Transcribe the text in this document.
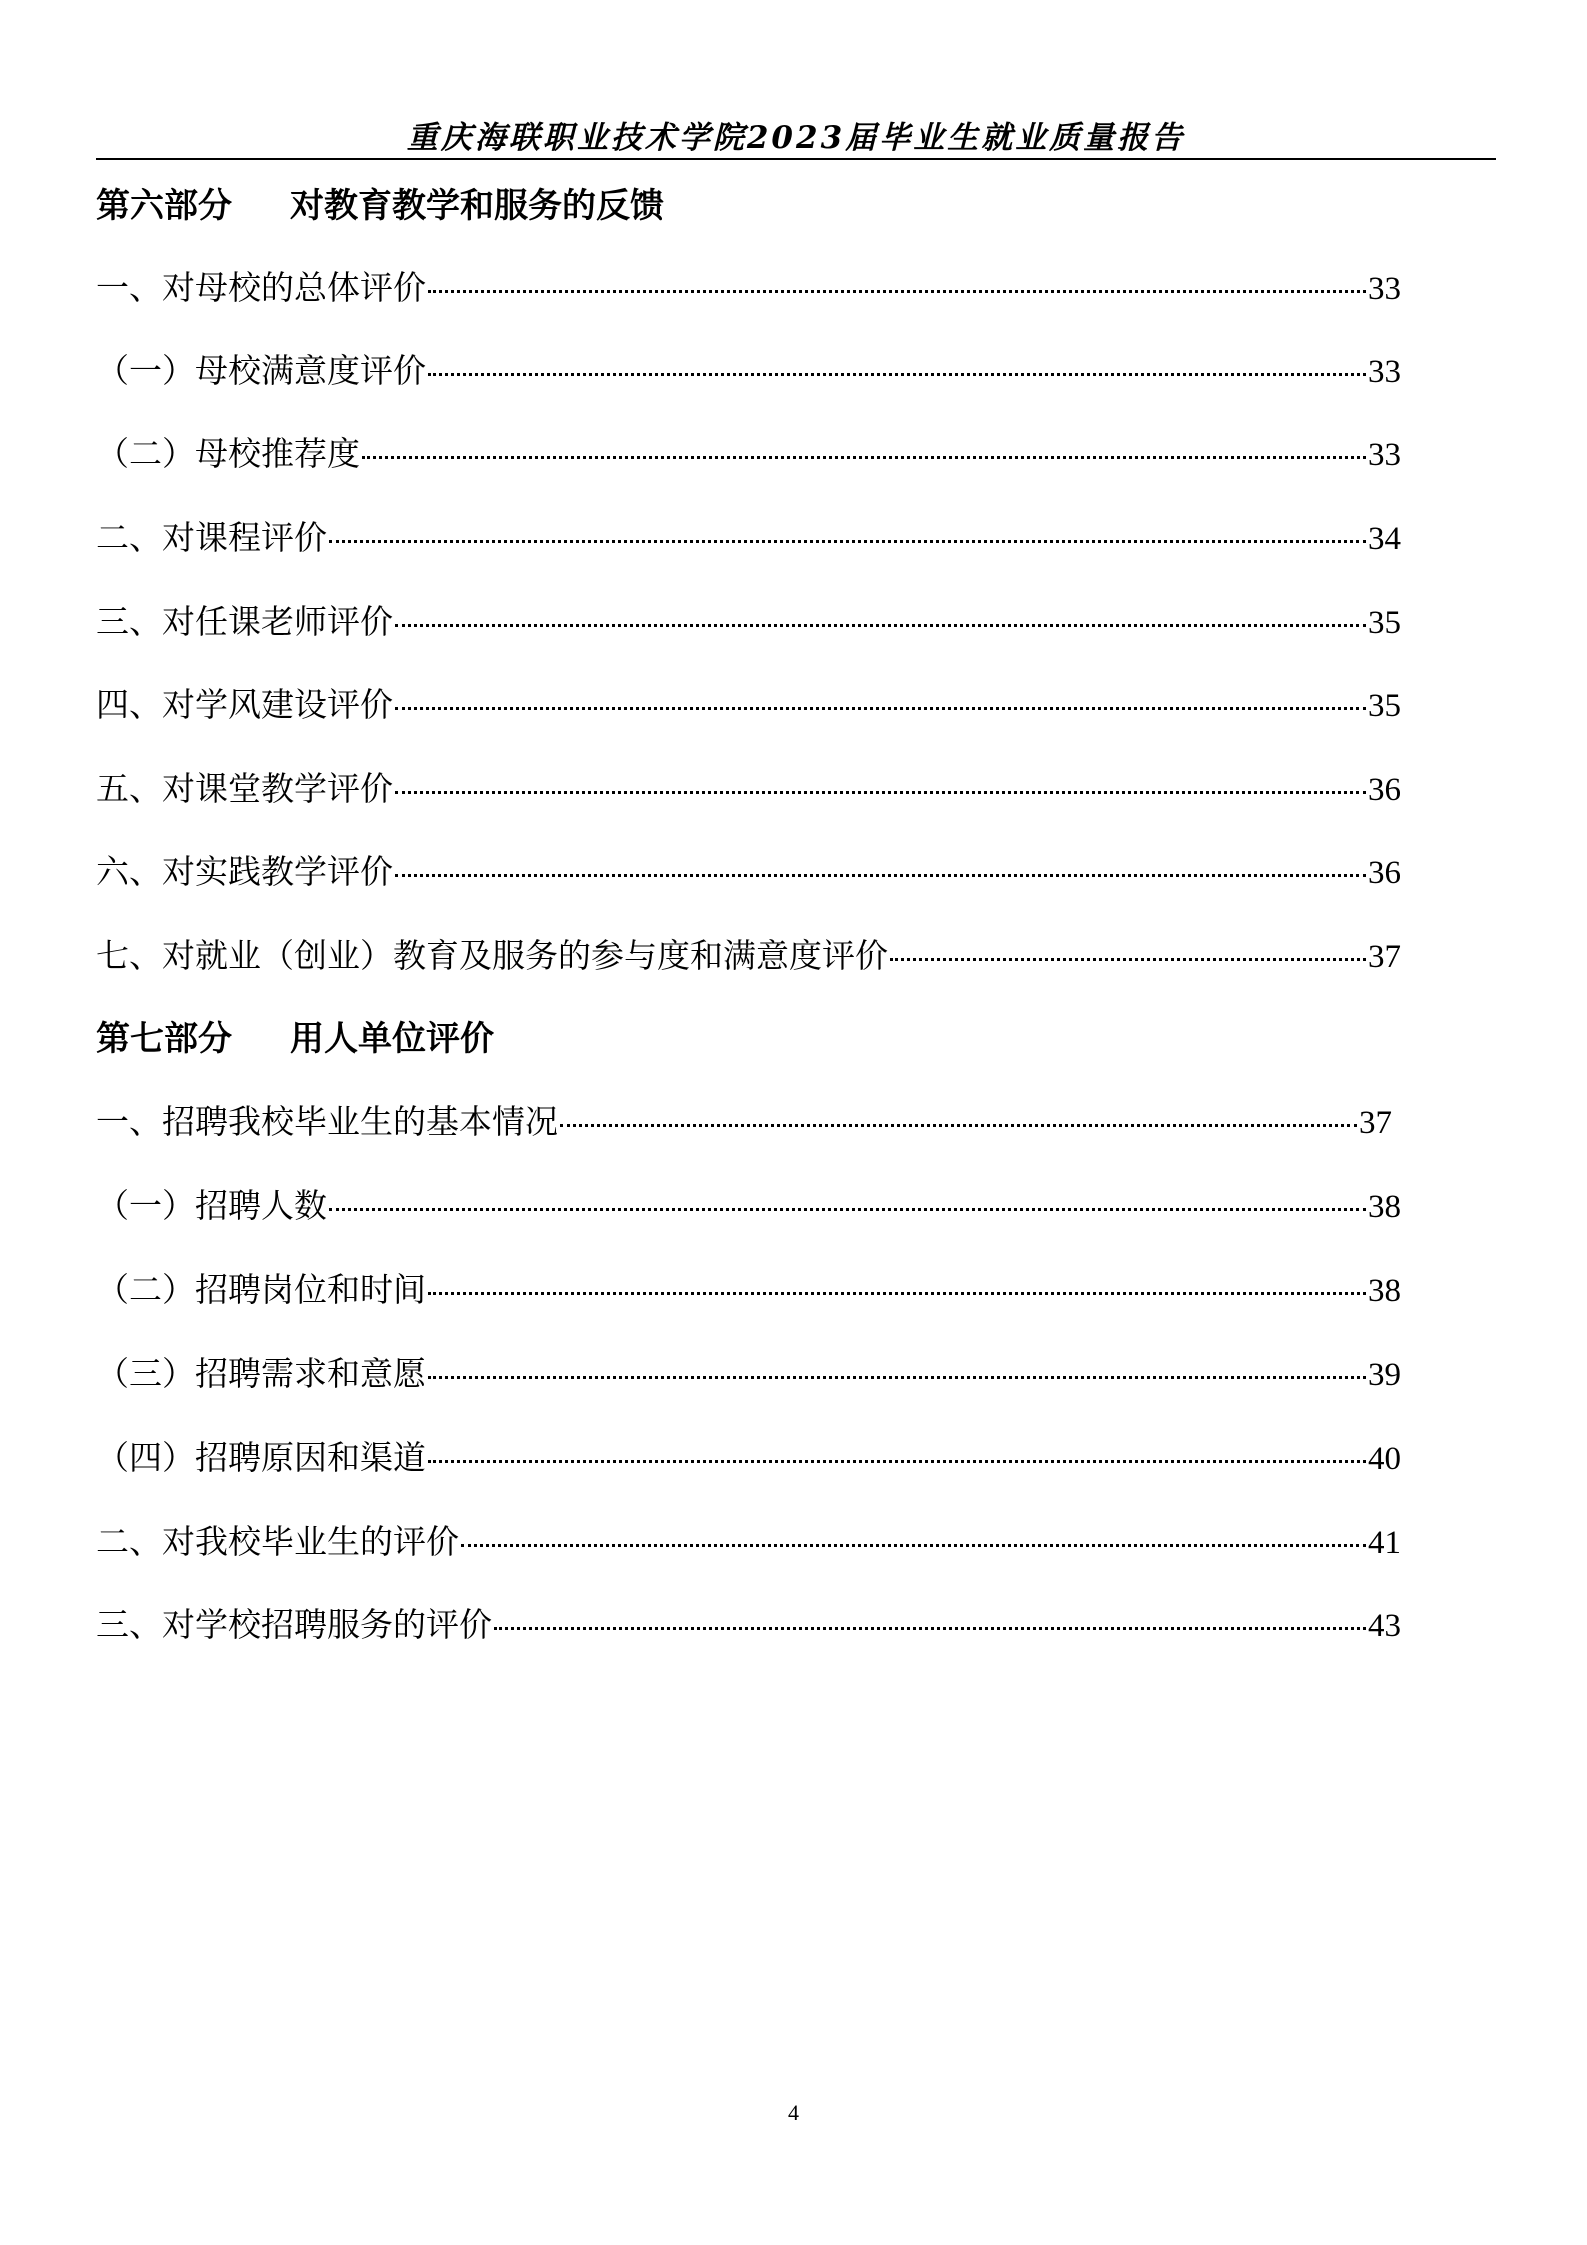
重庆海联职业技术学院2023届毕业生就业质量报告
第六部分 对教育教学和服务的反馈
一、对母校的总体评价	33
（一）母校满意度评价	33
（二）母校推荐度	33
二、对课程评价	34
三、对任课老师评价	35
四、对学风建设评价	35
五、对课堂教学评价	36
六、对实践教学评价	36
七、对就业（创业）教育及服务的参与度和满意度评价	37
第七部分 用人单位评价
一、招聘我校毕业生的基本情况	37
（一）招聘人数	38
（二）招聘岗位和时间	38
（三）招聘需求和意愿	39
（四）招聘原因和渠道	40
二、对我校毕业生的评价	41
三、对学校招聘服务的评价	43
4
